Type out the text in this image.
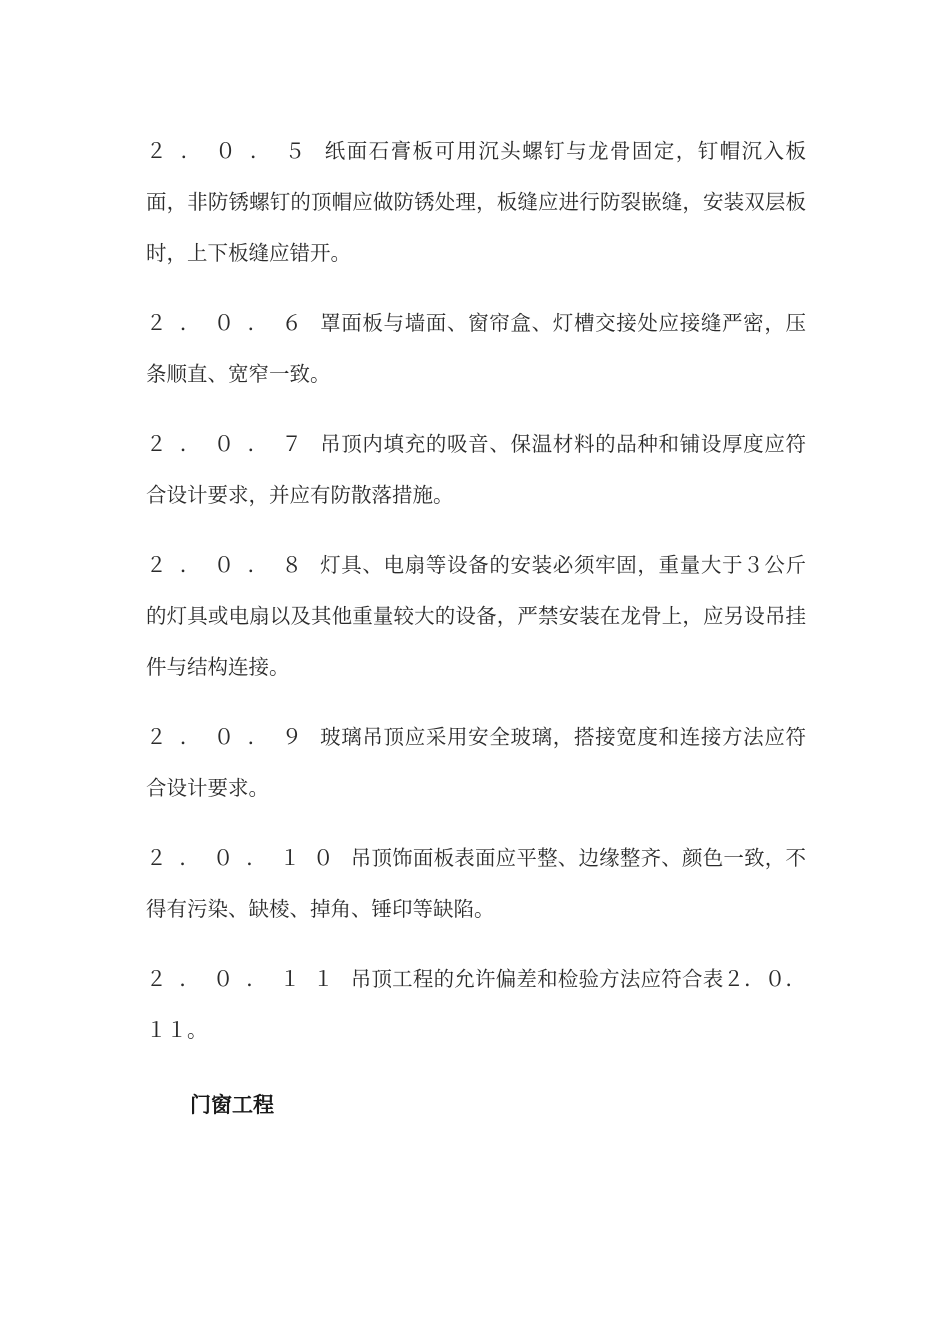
２．０．５ 纸面石膏板可用沉头螺钉与龙骨固定，钉帽沉入板面，非防锈螺钉的顶帽应做防锈处理，板缝应进行防裂嵌缝，安装双层板时，上下板缝应错开。

２．０．６ 罩面板与墙面、窗帘盒、灯槽交接处应接缝严密，压条顺直、宽窄一致。

２．０．７ 吊顶内填充的吸音、保温材料的品种和铺设厚度应符合设计要求，并应有防散落措施。

２．０．８ 灯具、电扇等设备的安装必须牢固，重量大于３公斤的灯具或电扇以及其他重量较大的设备，严禁安装在龙骨上，应另设吊挂件与结构连接。

２．０．９ 玻璃吊顶应采用安全玻璃，搭接宽度和连接方法应符合设计要求。

２．０．１０ 吊顶饰面板表面应平整、边缘整齐、颜色一致，不得有污染、缺棱、掉角、锤印等缺陷。

２．０．１１ 吊顶工程的允许偏差和检验方法应符合表２．０．１１。

门窗工程
